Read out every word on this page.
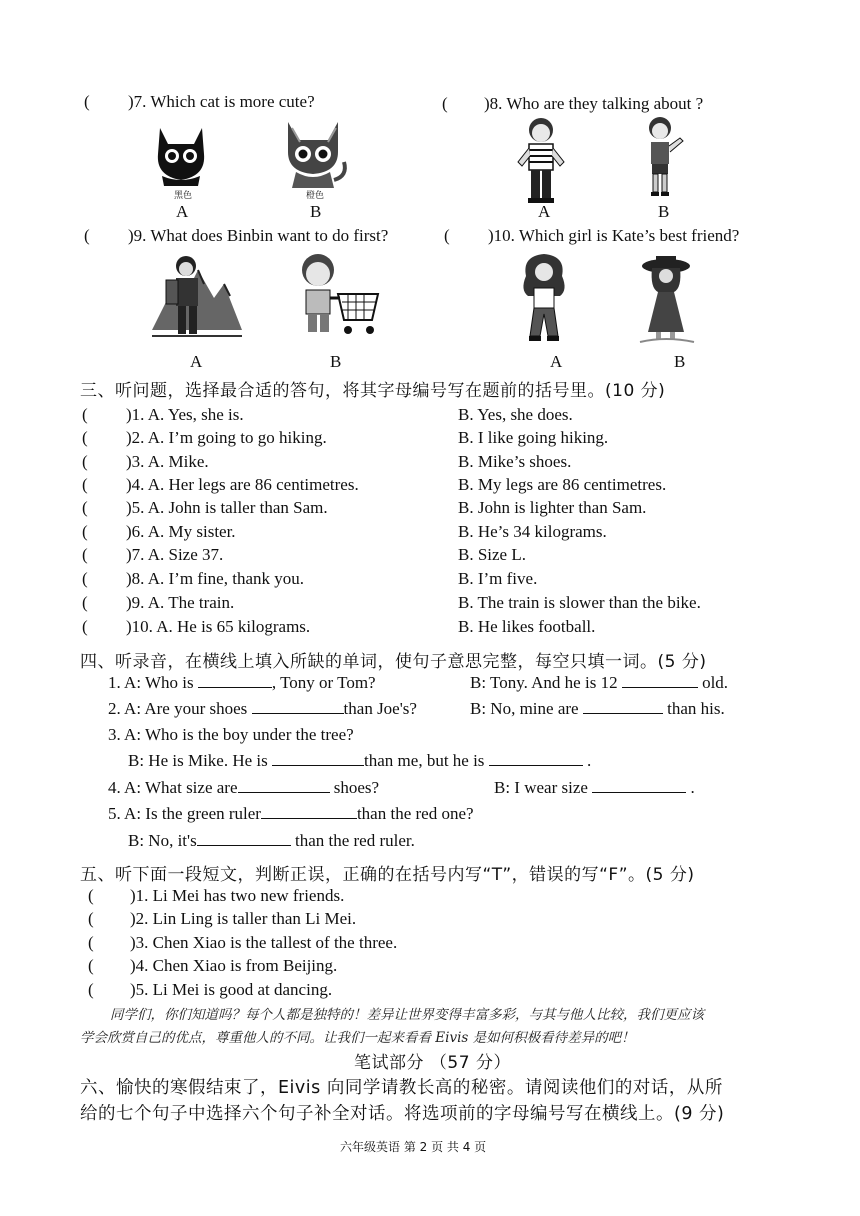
( )7. Which cat is more cute?	( )8. Who are they talking about ?
黑色	橙色
A	B	A	B
( )9. What does Binbin want to do first?	( )10. Which girl is Kate’s best friend?
A	B	A	B
三、听问题，选择最合适的答句，将其字母编号写在题前的括号里。(10 分)
( )1. A. Yes, she is.	B. Yes, she does.
( )2. A. I’m going to go hiking.	B. I like going hiking.
( )3. A. Mike.	B. Mike’s shoes.
( )4. A. Her legs are 86 centimetres.	B. My legs are 86 centimetres.
( )5. A. John is taller than Sam.	B. John is lighter than Sam.
( )6. A. My sister.	B. He’s 34 kilograms.
( )7. A. Size 37.	B. Size L.
( )8. A. I’m fine, thank you.	B. I’m five.
( )9. A. The train.	B. The train is slower than the bike.
( )10. A. He is 65 kilograms.	B. He likes football.
四、听录音，在横线上填入所缺的单词，使句子意思完整，每空只填一词。(5 分)
1. A: Who is	, Tony or Tom?	B: Tony. And he is 12	old.
2. A: Are your shoes	than Joe's?	B: No, mine are	than his.
3. A: Who is the boy under the tree?
B: He is Mike. He is	than me, but he is	.
4. A: What size are	shoes?	B: I wear size	.
5. A: Is the green ruler	than the red one?
B: No, it's	than the red ruler.
五、听下面一段短文，判断正误，正确的在括号内写“T”，错误的写“F”。(5 分)
( )1. Li Mei has two new friends.
( )2. Lin Ling is taller than Li Mei.
( )3. Chen Xiao is the tallest of the three.
( )4. Chen Xiao is from Beijing.
( )5. Li Mei is good at dancing.
同学们，你们知道吗？每个人都是独特的！差异让世界变得丰富多彩，与其与他人比较，我们更应该
学会欣赏自己的优点，尊重他人的不同。让我们一起来看看 Eivis 是如何积极看待差异的吧！
笔试部分 （57 分）
六、愉快的寒假结束了，Eivis 向同学请教长高的秘密。请阅读他们的对话，从所
给的七个句子中选择六个句子补全对话。将选项前的字母编号写在横线上。(9 分)
六年级英语 第 2 页 共 4 页
